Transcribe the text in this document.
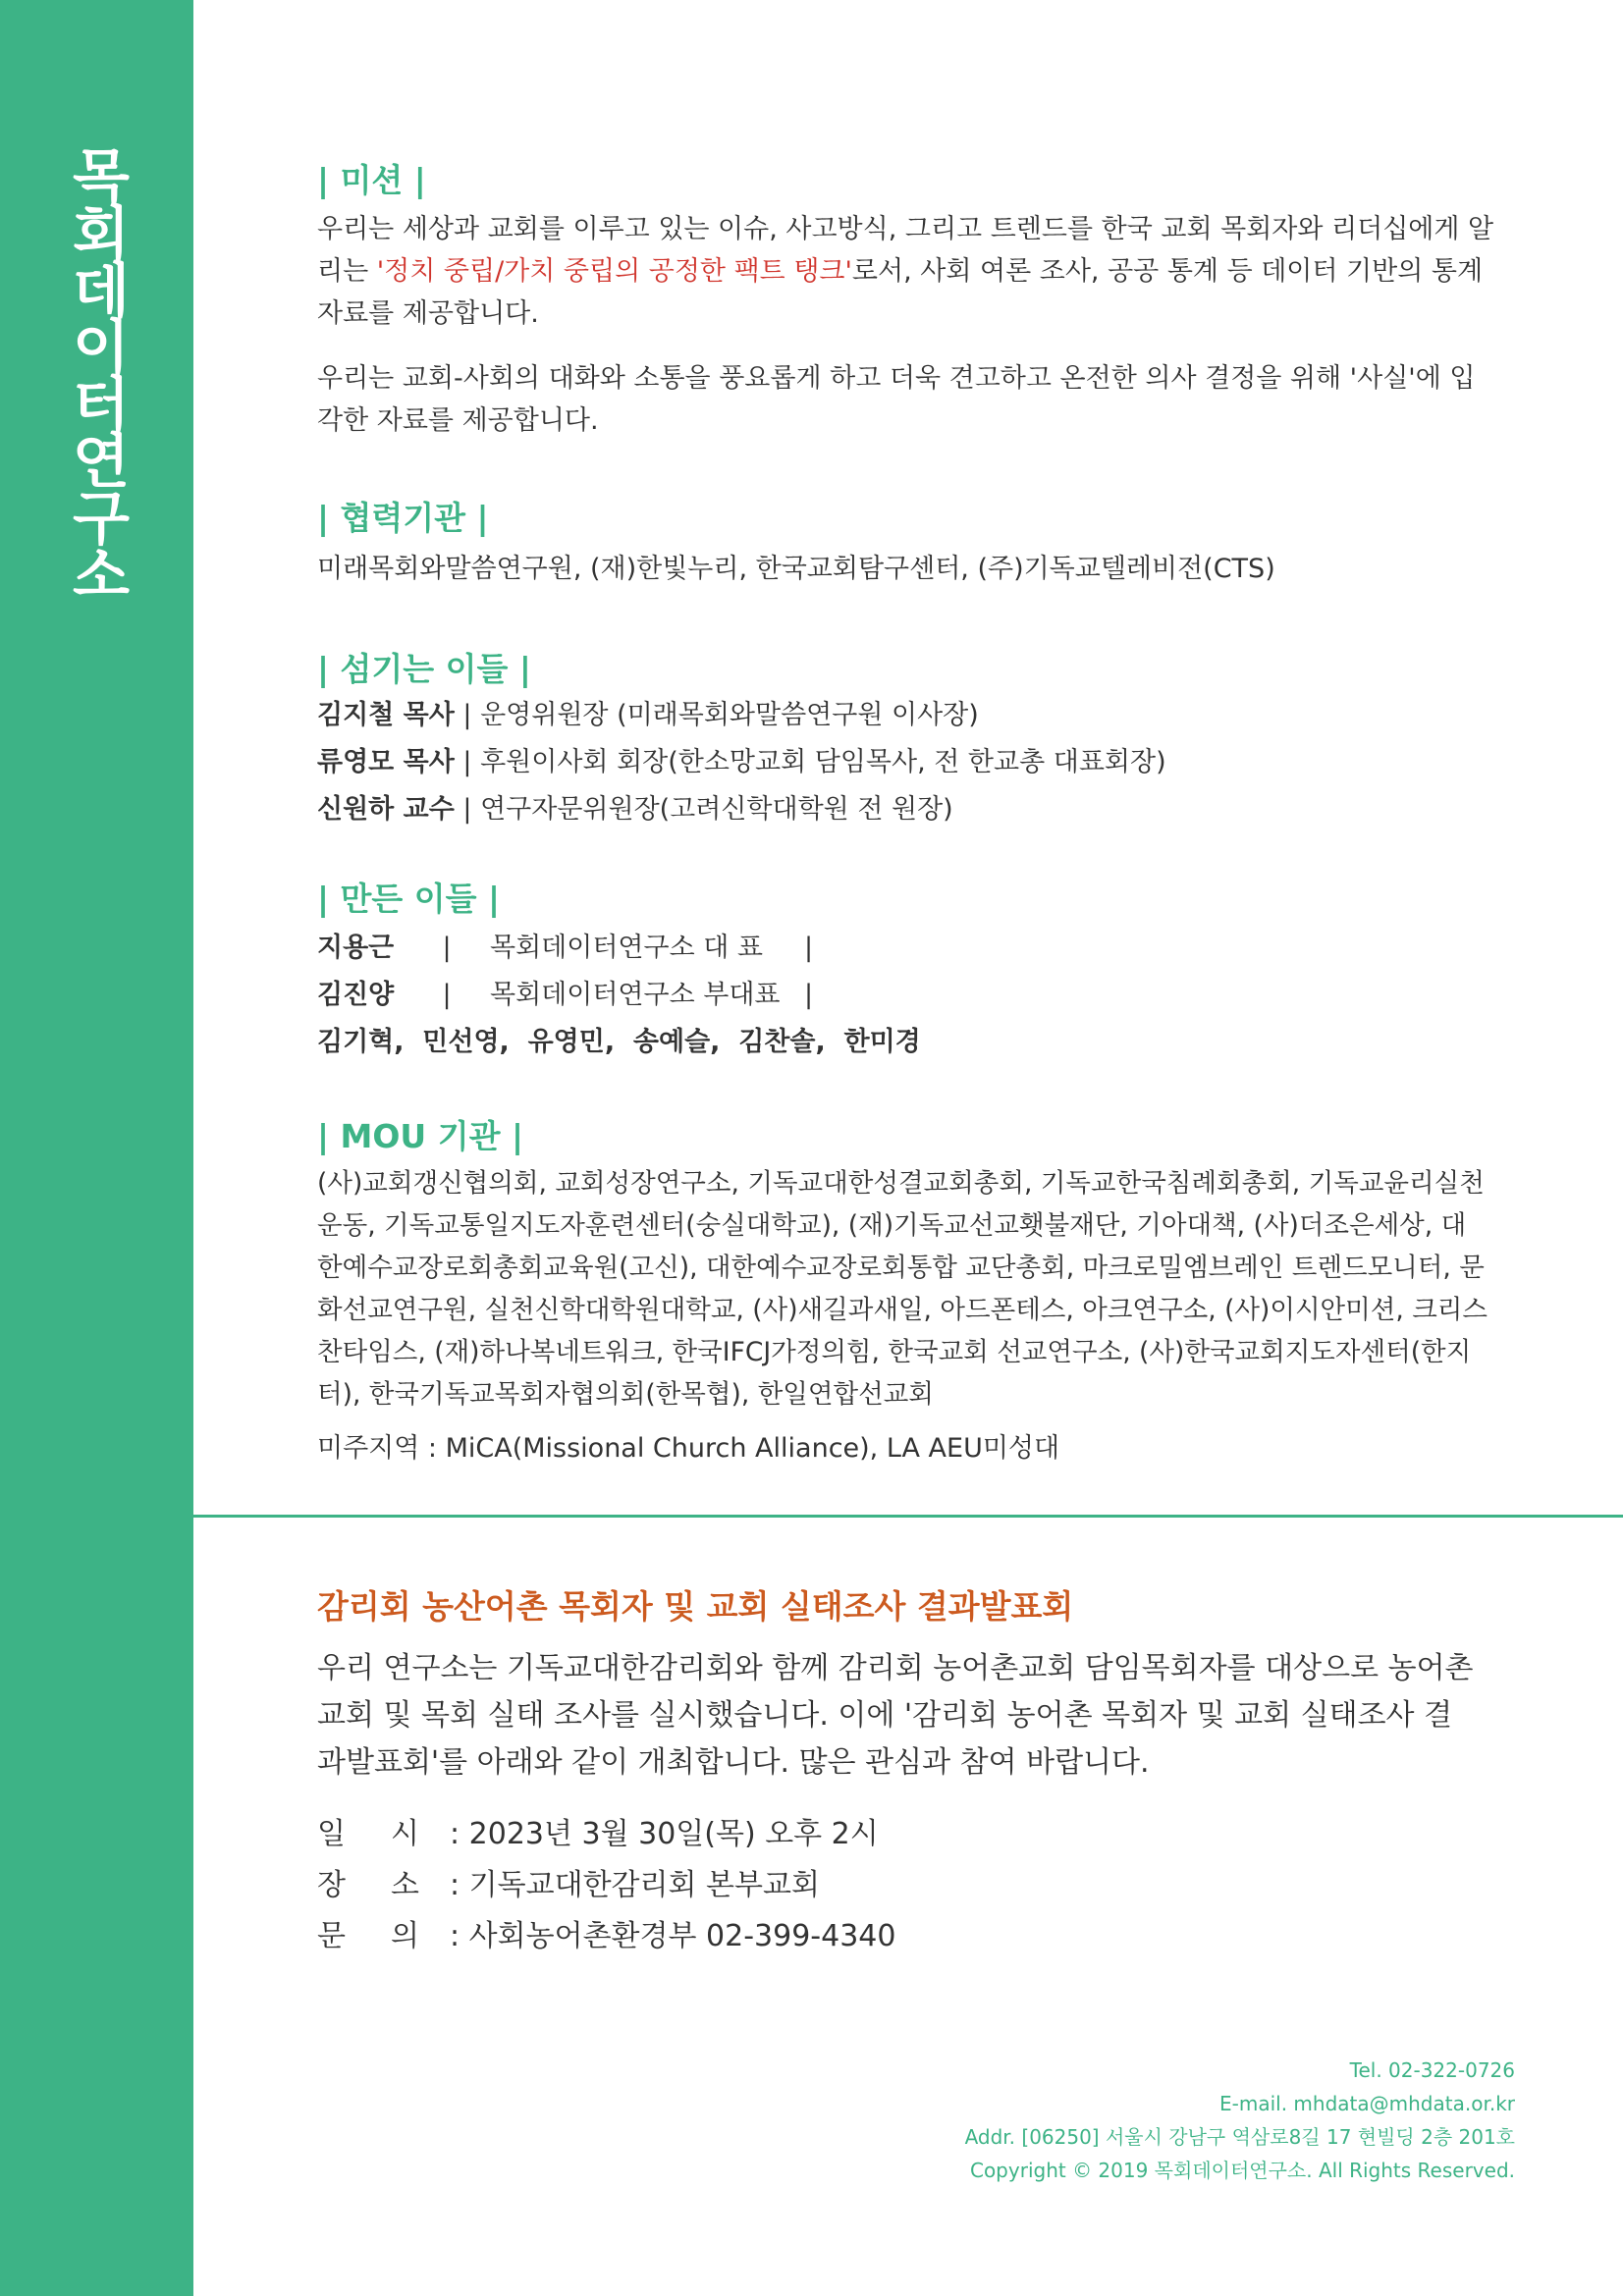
목회데이터연구소	| 미션 |
우리는 세상과 교회를 이루고 있는 이슈, 사고방식, 그리고 트렌드를 한국 교회 목회자와 리더십에게 알리는 '정치 중립/가치 중립의 공정한 팩트 탱크'로서, 사회 여론 조사, 공공 통계 등 데이터 기반의 통계 자료를 제공합니다.
우리는 교회-사회의 대화와 소통을 풍요롭게 하고 더욱 견고하고 온전한 의사 결정을 위해 '사실'에 입각한 자료를 제공합니다.
| 협력기관 |
미래목회와말씀연구원, (재)한빛누리, 한국교회탐구센터, (주)기독교텔레비전(CTS)
| 섬기는 이들 |
김지철 목사 | 운영위원장 (미래목회와말씀연구원 이사장)
류영모 목사 | 후원이사회 회장(한소망교회 담임목사, 전 한교총 대표회장)
신원하 교수 | 연구자문위원장(고려신학대학원 전 원장)
| 만든 이들 |
지용근 | 목회데이터연구소 대 표 |
김진양 | 목회데이터연구소 부대표 |
김기혁,  민선영,  유영민,  송예슬,  김찬솔,  한미경
| MOU 기관 |
(사)교회갱신협의회, 교회성장연구소, 기독교대한성결교회총회, 기독교한국침례회총회, 기독교윤리실천운동, 기독교통일지도자훈련센터(숭실대학교), (재)기독교선교횃불재단, 기아대책, (사)더조은세상, 대한예수교장로회총회교육원(고신), 대한예수교장로회통합 교단총회, 마크로밀엠브레인 트렌드모니터, 문화선교연구원, 실천신학대학원대학교, (사)새길과새일, 아드폰테스, 아크연구소, (사)이시안미션, 크리스찬타임스, (재)하나복네트워크, 한국IFCJ가정의힘, 한국교회 선교연구소, (사)한국교회지도자센터(한지터), 한국기독교목회자협의회(한목협), 한일연합선교회
미주지역 : MiCA(Missional Church Alliance), LA AEU미성대
감리회 농산어촌 목회자 및 교회 실태조사 결과발표회
우리 연구소는 기독교대한감리회와 함께 감리회 농어촌교회 담임목회자를 대상으로 농어촌 교회 및 목회 실태 조사를 실시했습니다. 이에 '감리회 농어촌 목회자 및 교회 실태조사 결과발표회'를 아래와 같이 개최합니다. 많은 관심과 참여 바랍니다.
일시: 2023년 3월 30일(목) 오후 2시
장소: 기독교대한감리회 본부교회
문의: 사회농어촌환경부 02-399-4340
Tel. 02-322-0726
E-mail. mhdata@mhdata.or.kr
Addr. [06250] 서울시 강남구 역삼로8길 17 현빌딩 2층 201호
Copyright © 2019 목회데이터연구소. All Rights Reserved.
